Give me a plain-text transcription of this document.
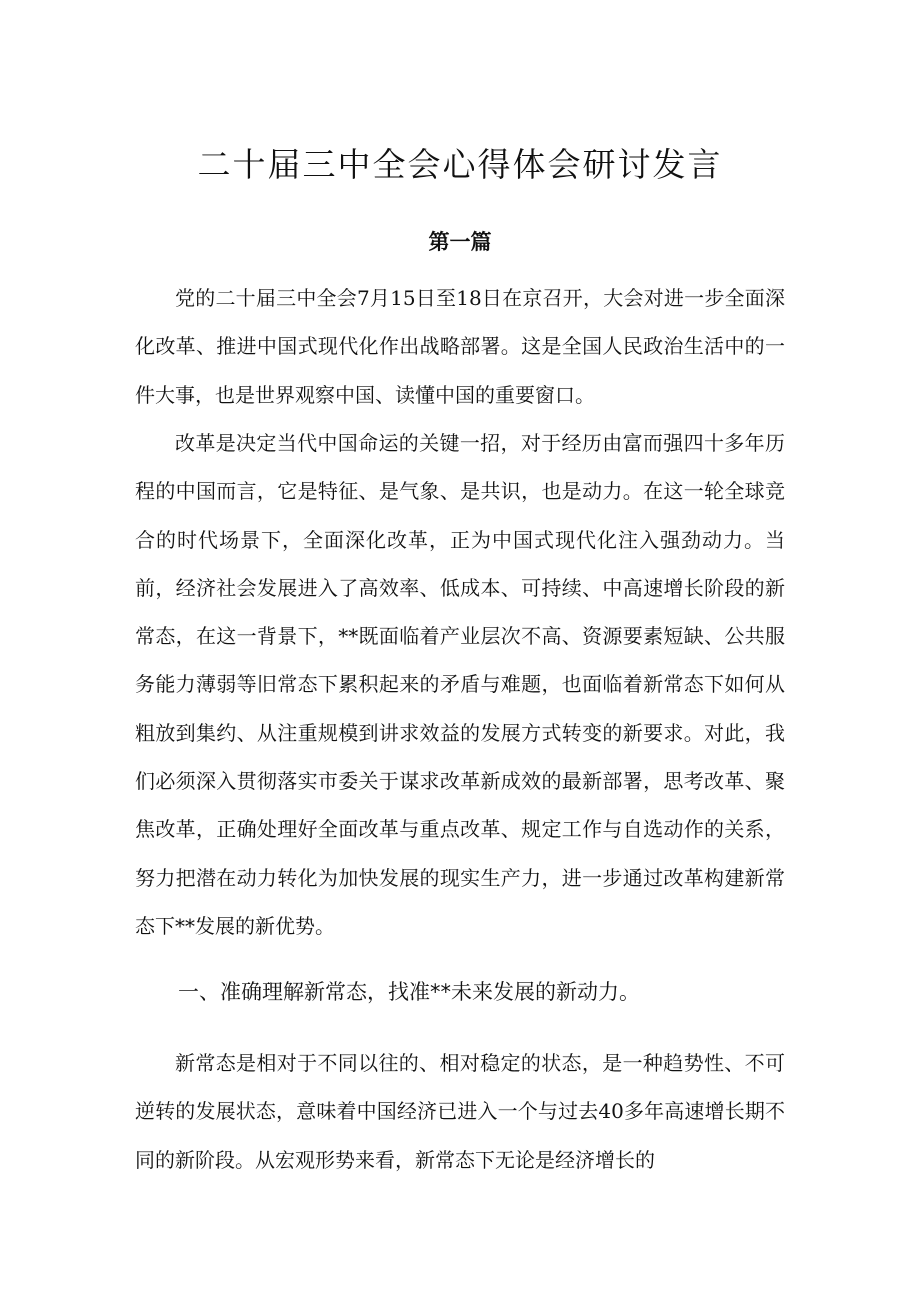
二十届三中全会心得体会研讨发言
第一篇

党的二十届三中全会7月15日至18日在京召开，大会对进一步全面深化改革、推进中国式现代化作出战略部署。这是全国人民政治生活中的一件大事，也是世界观察中国、读懂中国的重要窗口。

改革是决定当代中国命运的关键一招，对于经历由富而强四十多年历程的中国而言，它是特征、是气象、是共识，也是动力。在这一轮全球竞合的时代场景下，全面深化改革，正为中国式现代化注入强劲动力。当前，经济社会发展进入了高效率、低成本、可持续、中高速增长阶段的新常态，在这一背景下，**既面临着产业层次不高、资源要素短缺、公共服务能力薄弱等旧常态下累积起来的矛盾与难题，也面临着新常态下如何从粗放到集约、从注重规模到讲求效益的发展方式转变的新要求。对此，我们必须深入贯彻落实市委关于谋求改革新成效的最新部署，思考改革、聚焦改革，正确处理好全面改革与重点改革、规定工作与自选动作的关系，努力把潜在动力转化为加快发展的现实生产力，进一步通过改革构建新常态下**发展的新优势。

一、准确理解新常态，找准**未来发展的新动力。

新常态是相对于不同以往的、相对稳定的状态，是一种趋势性、不可逆转的发展状态，意味着中国经济已进入一个与过去40多年高速增长期不同的新阶段。从宏观形势来看，新常态下无论是经济增长的
